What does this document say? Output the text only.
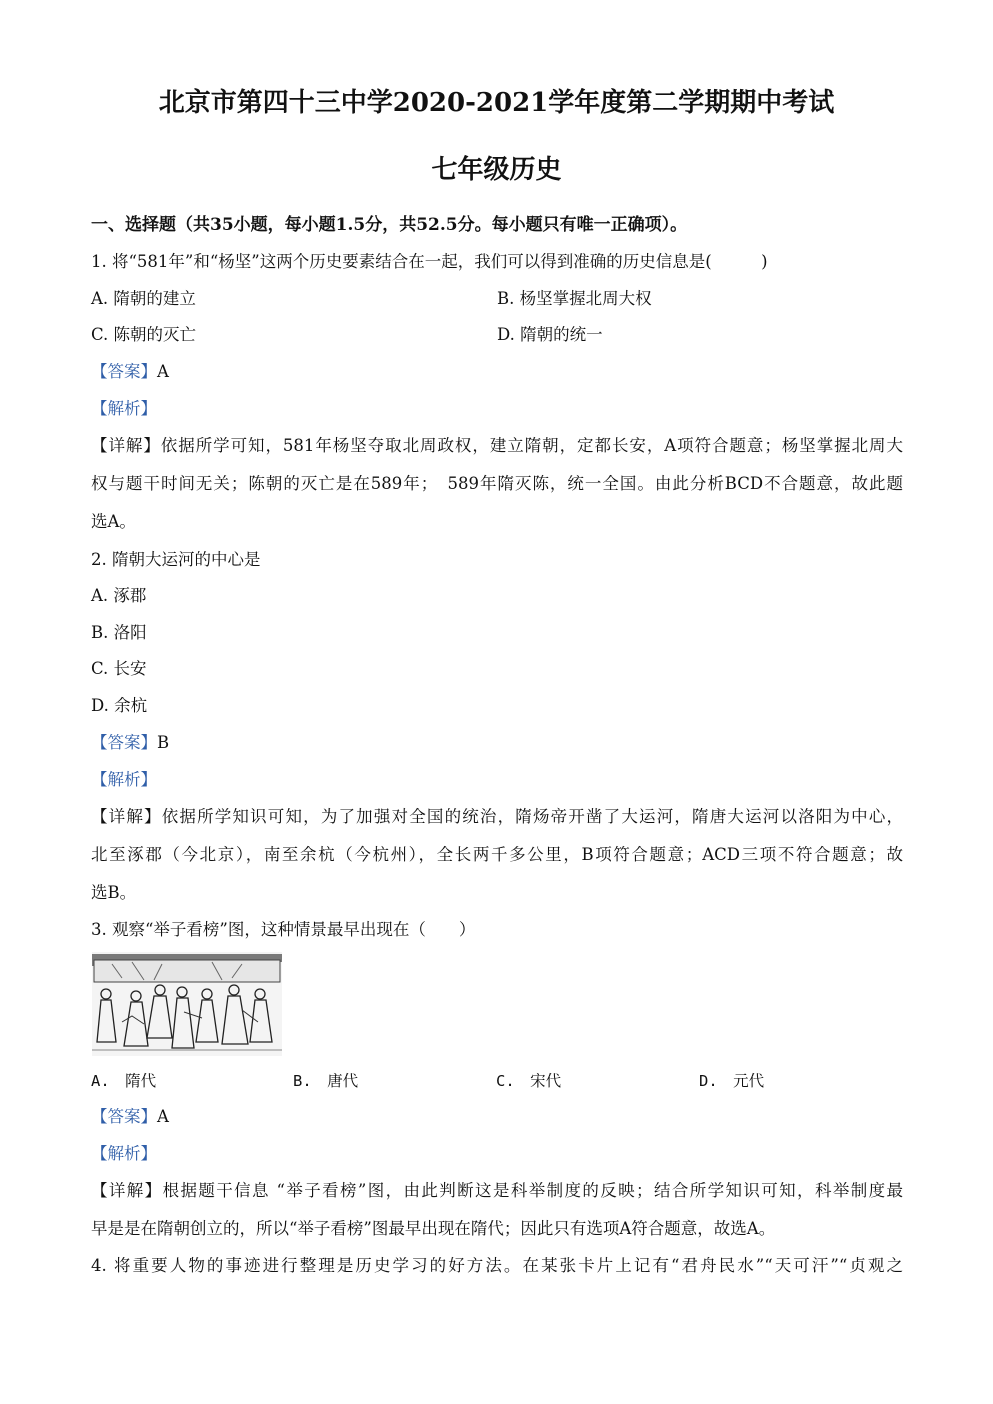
北京市第四十三中学2020-2021学年度第二学期期中考试
七年级历史
一、选择题（共35小题，每小题1.5分，共52.5分。每小题只有唯一正确项）。
1. 将“581年”和“杨坚”这两个历史要素结合在一起，我们可以得到准确的历史信息是(　　　)
A. 隋朝的建立	B. 杨坚掌握北周大权
C. 陈朝的灭亡	D. 隋朝的统一
【答案】A
【解析】
【详解】依据所学可知，581年杨坚夺取北周政权，建立隋朝，定都长安，A项符合题意；杨坚掌握北周大
权与题干时间无关；陈朝的灭亡是在589年；　589年隋灭陈，统一全国。由此分析BCD不合题意，故此题
选A。
2. 隋朝大运河的中心是
A. 涿郡
B. 洛阳
C. 长安
D. 余杭
【答案】B
【解析】
【详解】依据所学知识可知，为了加强对全国的统治，隋炀帝开凿了大运河，隋唐大运河以洛阳为中心，
北至涿郡（今北京），南至余杭（今杭州），全长两千多公里，B项符合题意；ACD三项不符合题意；故
选B。
3. 观察“举子看榜”图，这种情景最早出现在（　　）
A.　隋代	B.　唐代	C.　宋代	D.　元代
【答案】A
【解析】
【详解】根据题干信息 “举子看榜”图，由此判断这是科举制度的反映；结合所学知识可知，科举制度最
早是是在隋朝创立的，所以“举子看榜”图最早出现在隋代；因此只有选项A符合题意，故选A。
4. 将重要人物的事迹进行整理是历史学习的好方法。在某张卡片上记有“君舟民水”“天可汗”“贞观之
